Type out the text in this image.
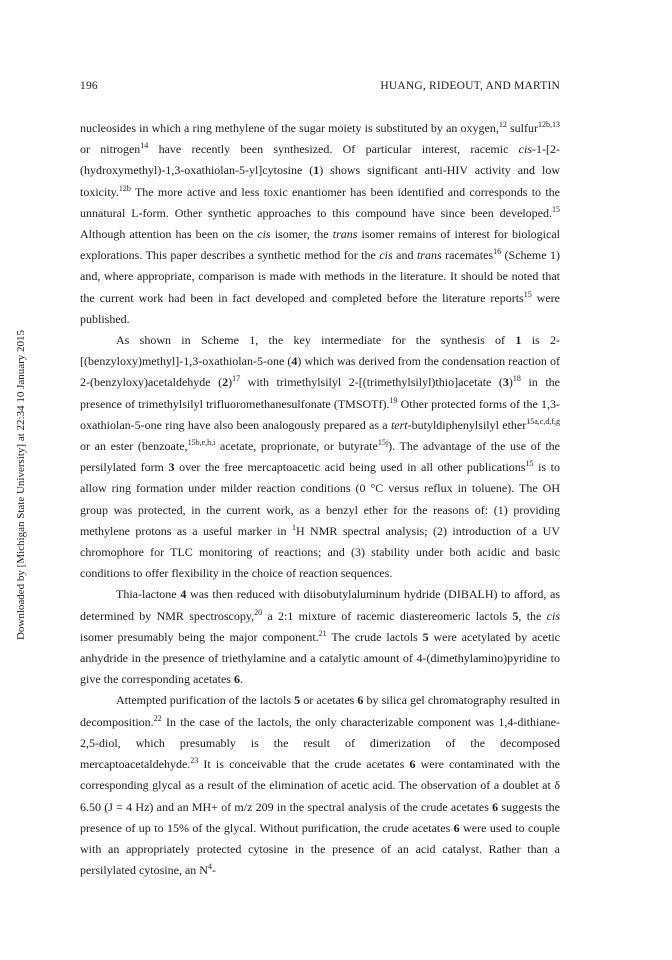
196	HUANG, RIDEOUT, AND MARTIN
Downloaded by [Michigan State University] at 22:34 10 January 2015

nucleosides in which a ring methylene of the sugar moiety is substituted by an oxygen,$^{12}$ sulfur$^{12b,13}$ or nitrogen$^{14}$ have recently been synthesized. Of particular interest, racemic cis-1-[2-(hydroxymethyl)-1,3-oxathiolan-5-yl]cytosine (1) shows significant anti-HIV activity and low toxicity.$^{12b}$ The more active and less toxic enantiomer has been identified and corresponds to the unnatural L-form. Other synthetic approaches to this compound have since been developed.$^{15}$ Although attention has been on the cis isomer, the trans isomer remains of interest for biological explorations. This paper describes a synthetic method for the cis and trans racemates$^{16}$ (Scheme 1) and, where appropriate, comparison is made with methods in the literature. It should be noted that the current work had been in fact developed and completed before the literature reports$^{15}$ were published.

As shown in Scheme 1, the key intermediate for the synthesis of 1 is 2-[(benzyloxy)methyl]-1,3-oxathiolan-5-one (4) which was derived from the condensation reaction of 2-(benzyloxy)acetaldehyde $(2)^{17}$ with trimethylsilyl 2-[(trimethylsilyl)thio]acetate $(3)^{18}$ in the presence of trimethylsilyl trifluoromethanesulfonate (TMSOTf).$^{19}$ Other protected forms of the 1,3-oxathiolan-5-one ring have also been analogously prepared as a tert-butyldiphenylsilyl ether$^{15a,c,d,f,g}$ or an ester (benzoate,$^{15b,e,h,i}$ acetate, proprionate, or butyrate$^{15j}$). The advantage of the use of the persilylated form 3 over the free mercaptoacetic acid being used in all other publications$^{15}$ is to allow ring formation under milder reaction conditions (0 °C versus reflux in toluene). The OH group was protected, in the current work, as a benzyl ether for the reasons of: (1) providing methylene protons as a useful marker in $^1$H NMR spectral analysis; (2) introduction of a UV chromophore for TLC monitoring of reactions; and (3) stability under both acidic and basic conditions to offer flexibility in the choice of reaction sequences.

Thia-lactone 4 was then reduced with diisobutylaluminum hydride (DIBALH) to afford, as determined by NMR spectroscopy,$^{20}$ a 2:1 mixture of racemic diastereomeric lactols 5, the cis isomer presumably being the major component.$^{21}$ The crude lactols 5 were acetylated by acetic anhydride in the presence of triethylamine and a catalytic amount of 4-(dimethylamino)pyridine to give the corresponding acetates 6.

Attempted purification of the lactols 5 or acetates 6 by silica gel chromatography resulted in decomposition.$^{22}$ In the case of the lactols, the only characterizable component was 1,4-dithiane-2,5-diol, which presumably is the result of dimerization of the decomposed mercaptoacetaldehyde.$^{23}$ It is conceivable that the crude acetates 6 were contaminated with the corresponding glycal as a result of the elimination of acetic acid. The observation of a doublet at δ 6.50 (J = 4 Hz) and an MH+ of m/z 209 in the spectral analysis of the crude acetates 6 suggests the presence of up to 15% of the glycal. Without purification, the crude acetates 6 were used to couple with an appropriately protected cytosine in the presence of an acid catalyst. Rather than a persilylated cytosine, an $N^4-$
